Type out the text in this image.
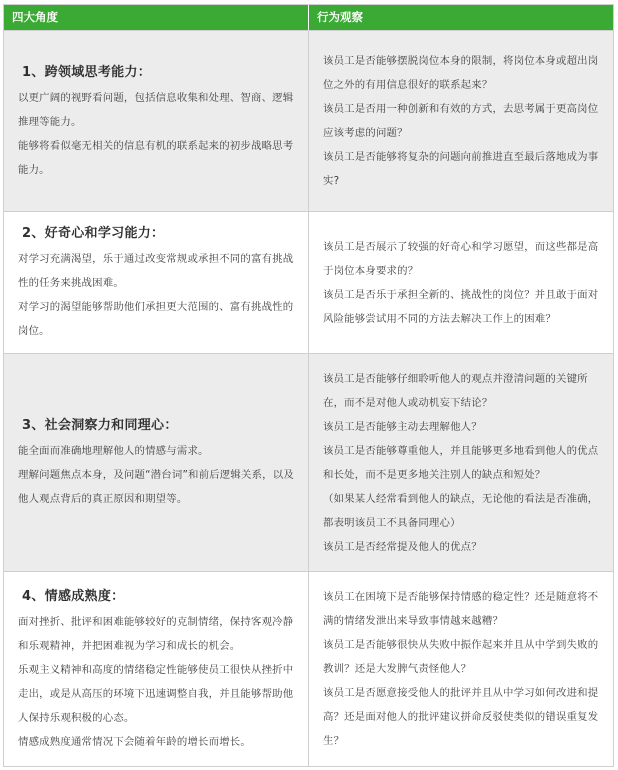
四大角度	行为观察
1、跨领域思考能力：

以更广阔的视野看问题，包括信息收集和处理、智商、逻辑推理等能力。

能够将看似毫无相关的信息有机的联系起来的初步战略思考能力。

该员工是否能够摆脱岗位本身的限制，将岗位本身或超出岗位之外的有用信息很好的联系起来？

该员工是否用一种创新和有效的方式，去思考属于更高岗位应该考虑的问题？

该员工是否能够将复杂的问题向前推进直至最后落地成为事实?

2、好奇心和学习能力：

对学习充满渴望，乐于通过改变常规或承担不同的富有挑战性的任务来挑战困难。

对学习的渴望能够帮助他们承担更大范围的、富有挑战性的岗位。

该员工是否展示了较强的好奇心和学习愿望，而这些都是高于岗位本身要求的？

该员工是否乐于承担全新的、挑战性的岗位？并且敢于面对风险能够尝试用不同的方法去解决工作上的困难？

3、社会洞察力和同理心：

能全面而准确地理解他人的情感与需求。

理解问题焦点本身，及问题“潜台词”和前后逻辑关系，以及他人观点背后的真正原因和期望等。

该员工是否能够仔细聆听他人的观点并澄清问题的关键所在，而不是对他人或动机妄下结论？

该员工是否能够主动去理解他人？

该员工是否能够尊重他人，并且能够更多地看到他人的优点和长处，而不是更多地关注别人的缺点和短处？

（如果某人经常看到他人的缺点，无论他的看法是否准确，都表明该员工不具备同理心）

该员工是否经常提及他人的优点？

4、情感成熟度：

面对挫折、批评和困难能够较好的克制情绪，保持客观冷静和乐观精神，并把困难视为学习和成长的机会。

乐观主义精神和高度的情绪稳定性能够使员工很快从挫折中走出，或是从高压的环境下迅速调整自我，并且能够帮助他人保持乐观积极的心态。

情感成熟度通常情况下会随着年龄的增长而增长。

该员工在困境下是否能够保持情感的稳定性？还是随意将不满的情绪发泄出来导致事情越来越糟？

该员工是否能够很快从失败中振作起来并且从中学到失败的教训？还是大发脾气责怪他人？

该员工是否愿意接受他人的批评并且从中学习如何改进和提高？还是面对他人的批评建议拼命反驳使类似的错误重复发生？
